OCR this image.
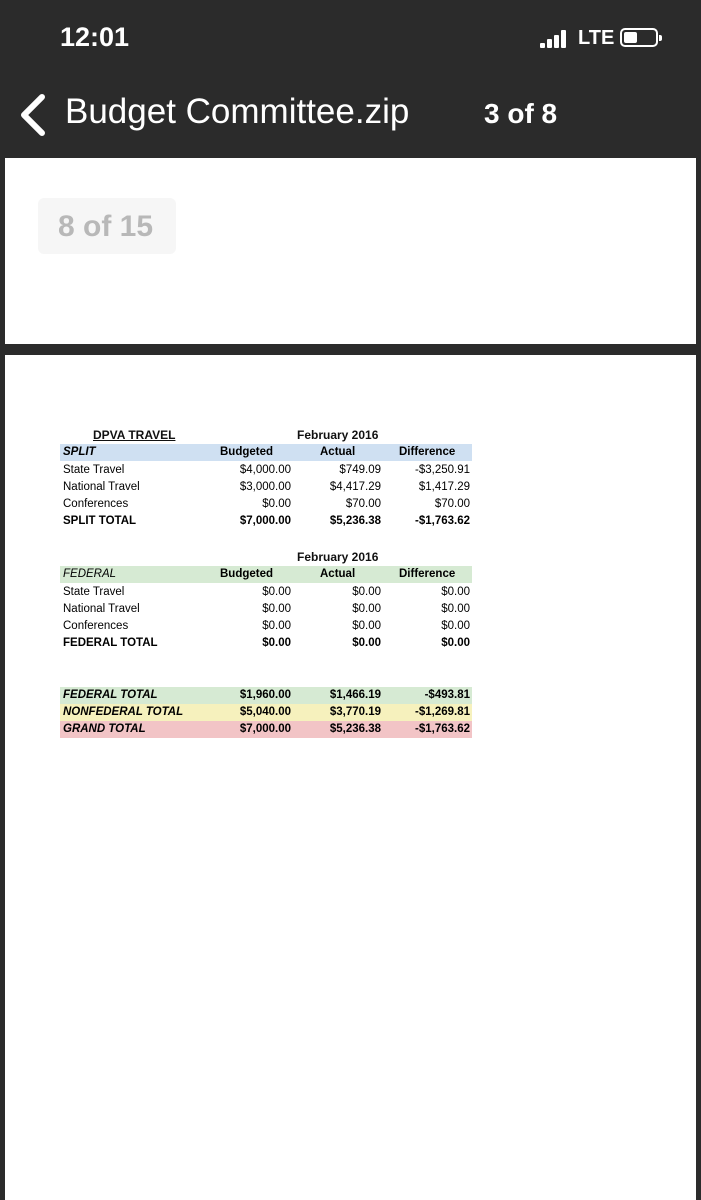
12:01	LTE
Budget Committee.zip	3 of 8
8 of 15
DPVA TRAVEL	February 2016
SPLIT	Budgeted	Actual	Difference
State Travel	$4,000.00	$749.09	-$3,250.91
National Travel	$3,000.00	$4,417.29	$1,417.29
Conferences	$0.00	$70.00	$70.00
SPLIT TOTAL	$7,000.00	$5,236.38	-$1,763.62
February 2016
FEDERAL	Budgeted	Actual	Difference
State Travel	$0.00	$0.00	$0.00
National Travel	$0.00	$0.00	$0.00
Conferences	$0.00	$0.00	$0.00
FEDERAL TOTAL	$0.00	$0.00	$0.00
FEDERAL TOTAL	$1,960.00	$1,466.19	-$493.81
NONFEDERAL TOTAL	$5,040.00	$3,770.19	-$1,269.81
GRAND TOTAL	$7,000.00	$5,236.38	-$1,763.62
